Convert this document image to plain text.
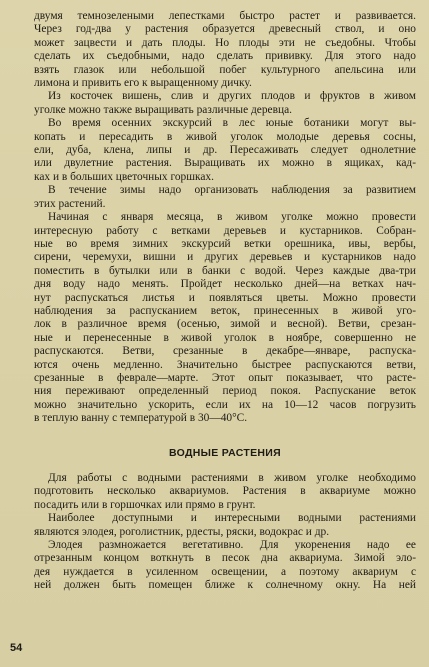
двумя темнозелеными лепестками быстро растет и развивается.
Через год-два у растения образуется древесный ствол, и оно
может зацвести и дать плоды. Но плоды эти не съедобны. Чтобы
сделать их съедобными, надо сделать прививку. Для этого надо
взять глазок или небольшой побег культурного апельсина или
лимона и привить его к выращенному дичку.
Из косточек вишень, слив и других плодов и фруктов в живом
уголке можно также выращивать различные деревца.
Во время осенних экскурсий в лес юные ботаники могут вы-
копать и пересадить в живой уголок молодые деревья сосны,
ели, дуба, клена, липы и др. Пересаживать следует однолетние
или двулетние растения. Выращивать их можно в ящиках, кад-
ках и в больших цветочных горшках.
В течение зимы надо организовать наблюдения за развитием
этих растений.
Начиная с января месяца, в живом уголке можно провести
интересную работу с ветками деревьев и кустарников. Собран-
ные во время зимних экскурсий ветки орешника, ивы, вербы,
сирени, черемухи, вишни и других деревьев и кустарников надо
поместить в бутылки или в банки с водой. Через каждые два-три
дня воду надо менять. Пройдет несколько дней—на ветках нач-
нут распускаться листья и появляться цветы. Можно провести
наблюдения за распусканием веток, принесенных в живой уго-
лок в различное время (осенью, зимой и весной). Ветви, срезан-
ные и перенесенные в живой уголок в ноябре, совершенно не
распускаются. Ветви, срезанные в декабре—январе, распуска-
ются очень медленно. Значительно быстрее распускаются ветви,
срезанные в феврале—марте. Этот опыт показывает, что расте-
ния переживают определенный период покоя. Распускание веток
можно значительно ускорить, если их на 10—12 часов погрузить
в теплую ванну с температурой в 30—40°С.
ВОДНЫЕ РАСТЕНИЯ
Для работы с водными растениями в живом уголке необходимо
подготовить несколько аквариумов. Растения в аквариуме можно
посадить или в горшочках или прямо в грунт.
Наиболее доступными и интересными водными растениями
являются элодея, роголистник, рдесты, ряски, водокрас и др.
Элодея размножается вегетативно. Для укоренения надо ее
отрезанным концом воткнуть в песок дна аквариума. Зимой эло-
дея нуждается в усиленном освещении, а поэтому аквариум с
ней должен быть помещен ближе к солнечному окну. На ней
54
